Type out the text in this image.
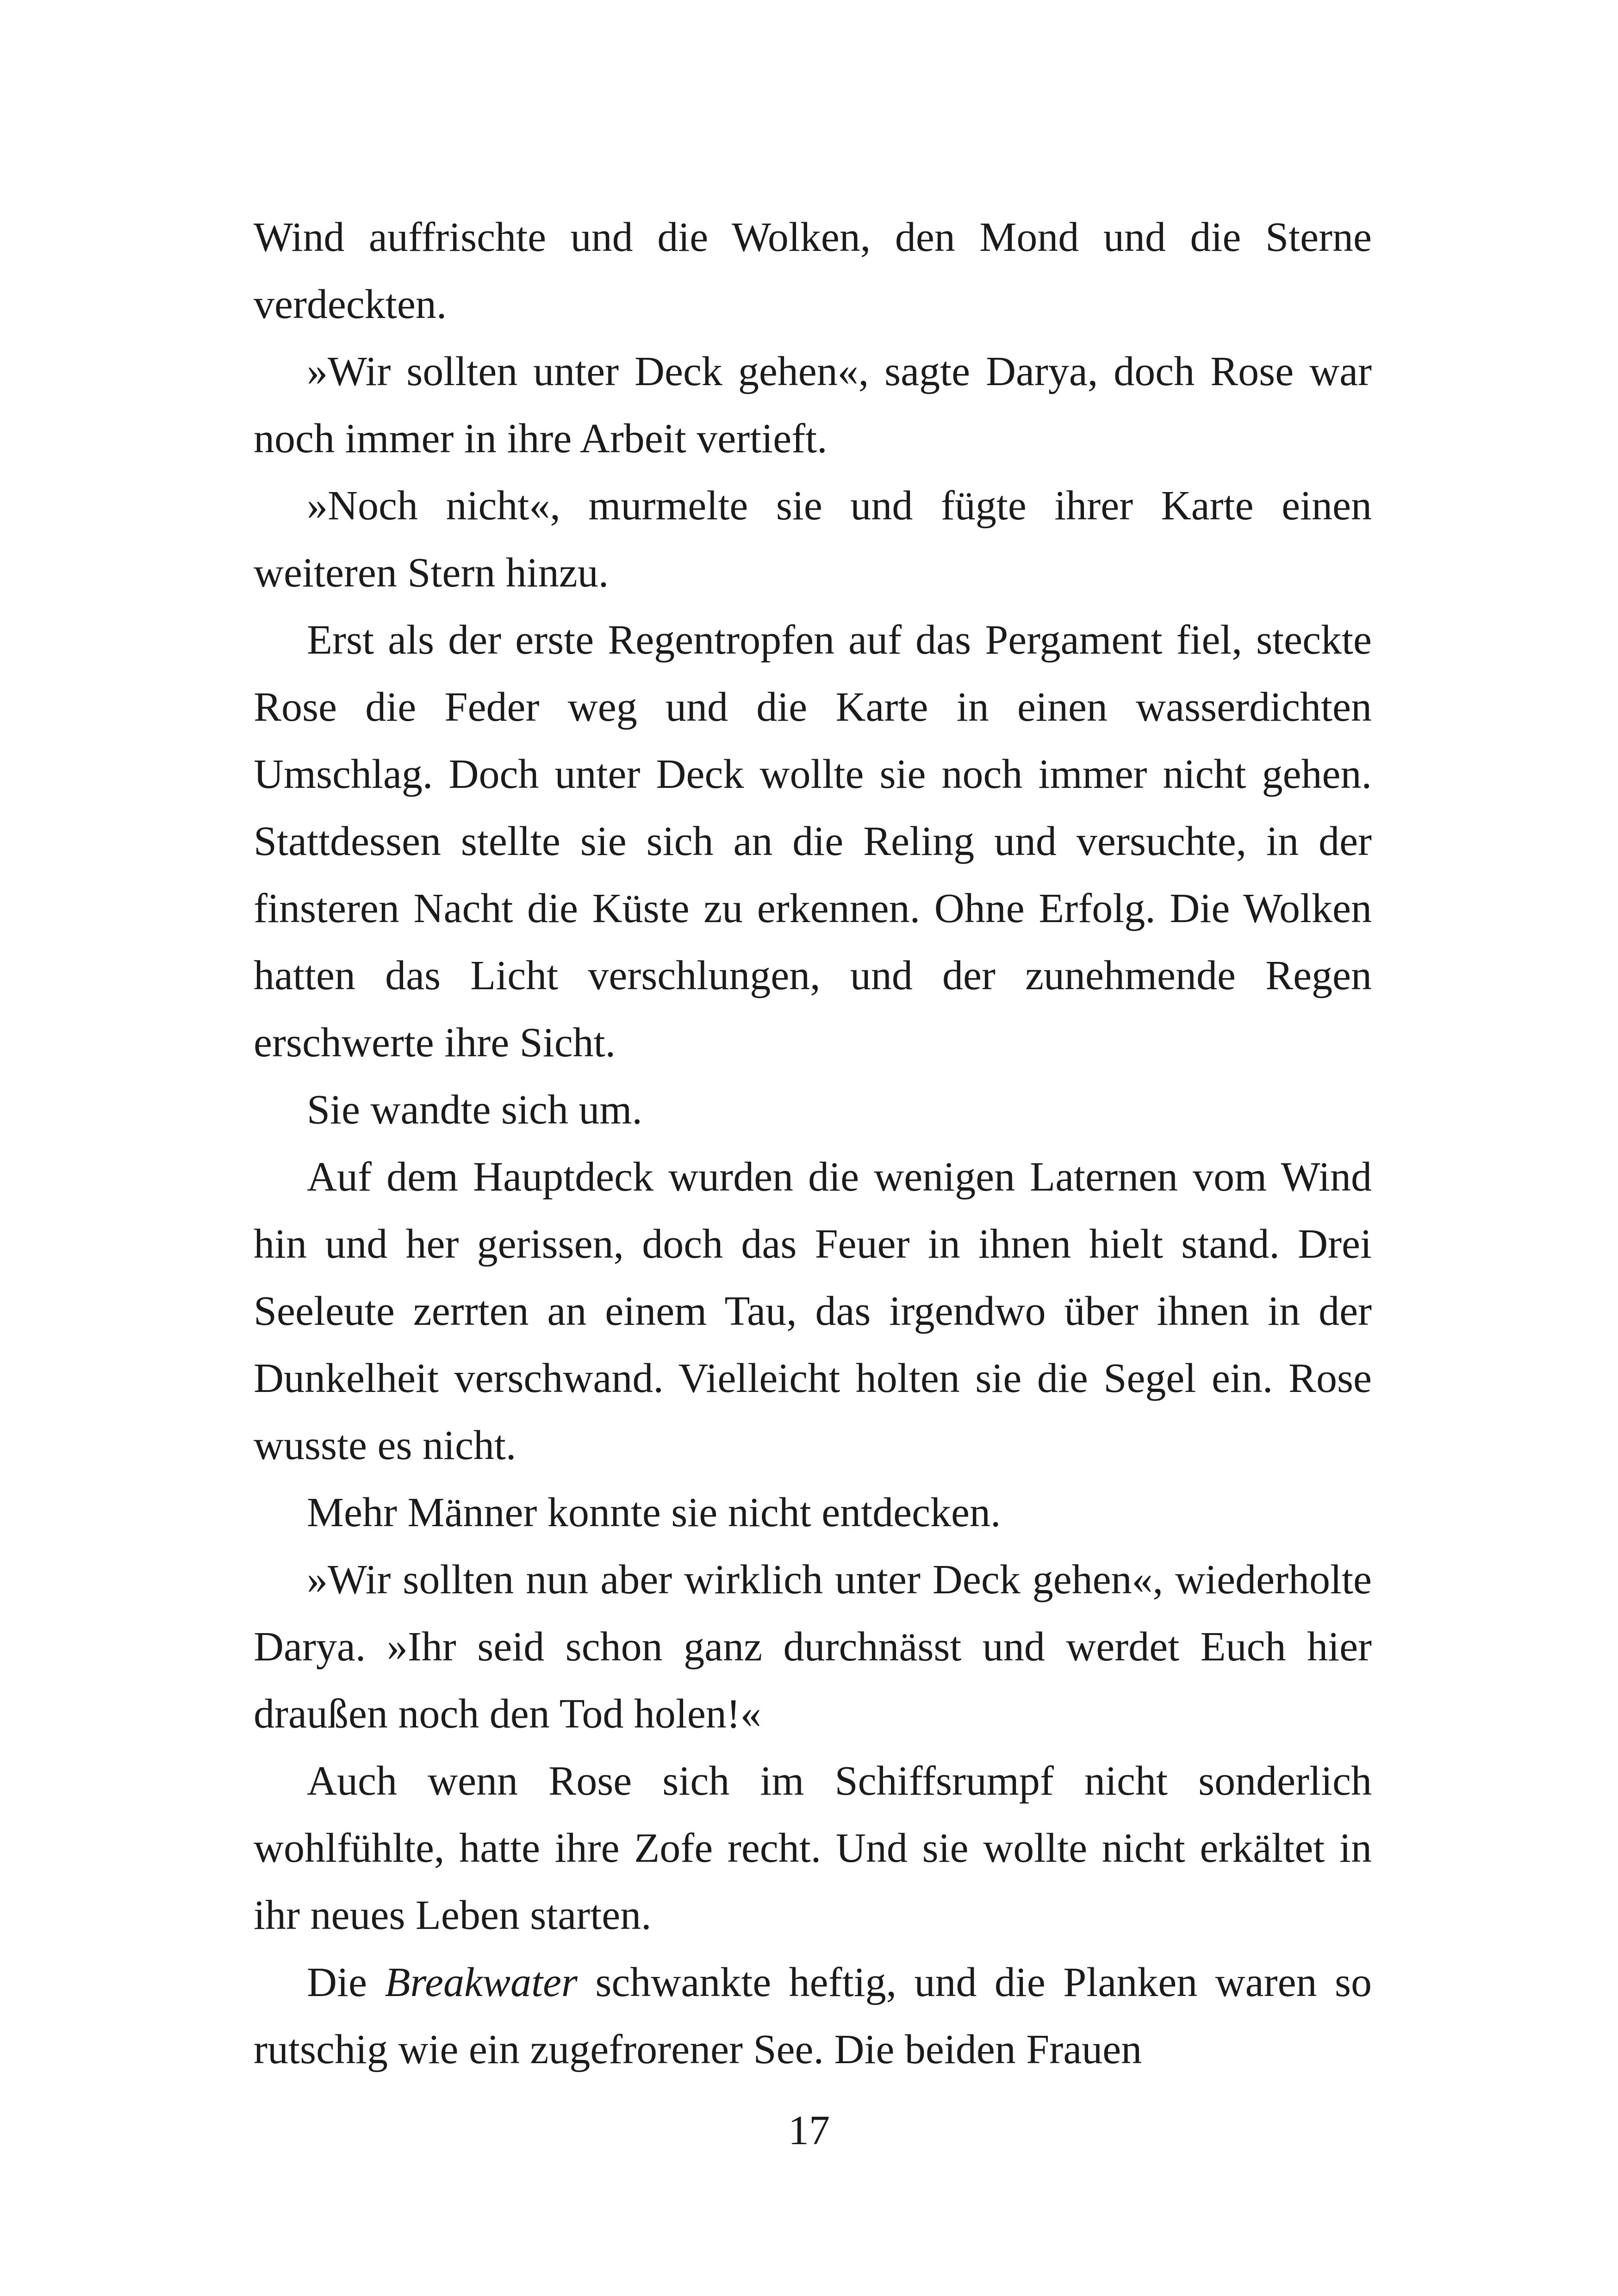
Wind auffrischte und die Wolken, den Mond und die Sterne verdeckten.

»Wir sollten unter Deck gehen«, sagte Darya, doch Rose war noch immer in ihre Arbeit vertieft.

»Noch nicht«, murmelte sie und fügte ihrer Karte einen weiteren Stern hinzu.

Erst als der erste Regentropfen auf das Pergament fiel, steckte Rose die Feder weg und die Karte in einen wasserdichten Umschlag. Doch unter Deck wollte sie noch immer nicht gehen. Stattdessen stellte sie sich an die Reling und versuchte, in der finsteren Nacht die Küste zu erkennen. Ohne Erfolg. Die Wolken hatten das Licht verschlungen, und der zunehmende Regen erschwerte ihre Sicht.

Sie wandte sich um.

Auf dem Hauptdeck wurden die wenigen Laternen vom Wind hin und her gerissen, doch das Feuer in ihnen hielt stand. Drei Seeleute zerrten an einem Tau, das irgendwo über ihnen in der Dunkelheit verschwand. Vielleicht holten sie die Segel ein. Rose wusste es nicht.

Mehr Männer konnte sie nicht entdecken.

»Wir sollten nun aber wirklich unter Deck gehen«, wiederholte Darya. »Ihr seid schon ganz durchnässt und werdet Euch hier draußen noch den Tod holen!«

Auch wenn Rose sich im Schiffsrumpf nicht sonderlich wohlfühlte, hatte ihre Zofe recht. Und sie wollte nicht erkältet in ihr neues Leben starten.

Die Breakwater schwankte heftig, und die Planken waren so rutschig wie ein zugefrorener See. Die beiden Frauen

17
